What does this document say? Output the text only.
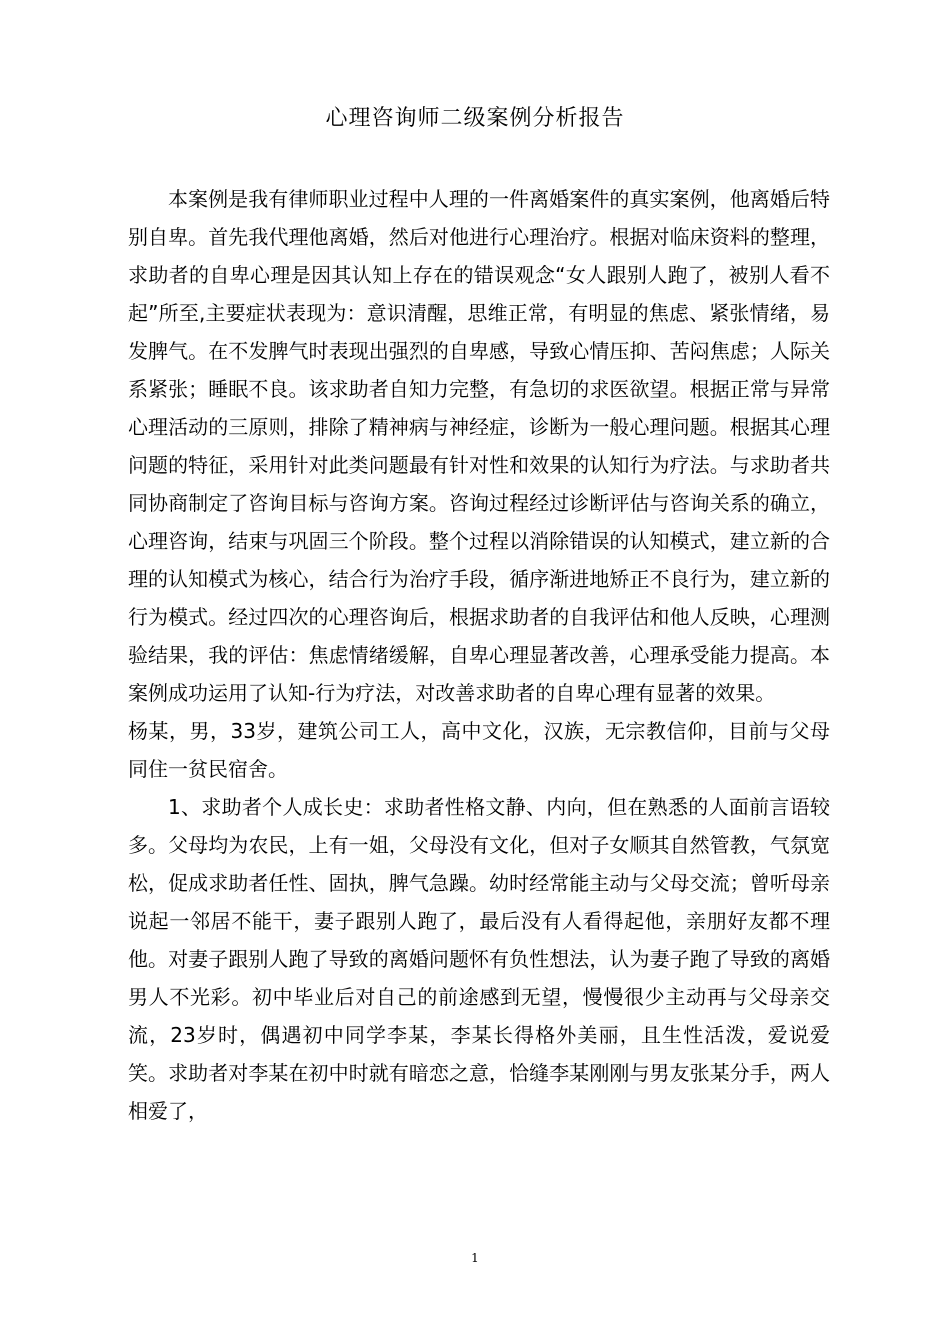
心理咨询师二级案例分析报告

本案例是我有律师职业过程中人理的一件离婚案件的真实案例，他离婚后特别自卑。首先我代理他离婚，然后对他进行心理治疗。根据对临床资料的整理，求助者的自卑心理是因其认知上存在的错误观念“女人跟别人跑了，被别人看不起”所至,主要症状表现为：意识清醒，思维正常，有明显的焦虑、紧张情绪，易发脾气。在不发脾气时表现出强烈的自卑感，导致心情压抑、苦闷焦虑；人际关系紧张；睡眠不良。该求助者自知力完整，有急切的求医欲望。根据正常与异常心理活动的三原则，排除了精神病与神经症，诊断为一般心理问题。根据其心理问题的特征，采用针对此类问题最有针对性和效果的认知行为疗法。与求助者共同协商制定了咨询目标与咨询方案。咨询过程经过诊断评估与咨询关系的确立，心理咨询，结束与巩固三个阶段。整个过程以消除错误的认知模式，建立新的合理的认知模式为核心，结合行为治疗手段，循序渐进地矫正不良行为，建立新的行为模式。经过四次的心理咨询后，根据求助者的自我评估和他人反映，心理测验结果，我的评估：焦虑情绪缓解，自卑心理显著改善，心理承受能力提高。本案例成功运用了认知-行为疗法，对改善求助者的自卑心理有显著的效果。

杨某，男，33岁，建筑公司工人，高中文化，汉族，无宗教信仰，目前与父母同住一贫民宿舍。

1、求助者个人成长史：求助者性格文静、内向，但在熟悉的人面前言语较多。父母均为农民，上有一姐，父母没有文化，但对子女顺其自然管教，气氛宽松，促成求助者任性、固执，脾气急躁。幼时经常能主动与父母交流；曾听母亲说起一邻居不能干，妻子跟别人跑了，最后没有人看得起他，亲朋好友都不理他。对妻子跟别人跑了导致的离婚问题怀有负性想法，认为妻子跑了导致的离婚男人不光彩。初中毕业后对自己的前途感到无望，慢慢很少主动再与父母亲交流，23岁时，偶遇初中同学李某，李某长得格外美丽，且生性活泼，爱说爱笑。求助者对李某在初中时就有暗恋之意，恰缝李某刚刚与男友张某分手，两人相爱了，

1
